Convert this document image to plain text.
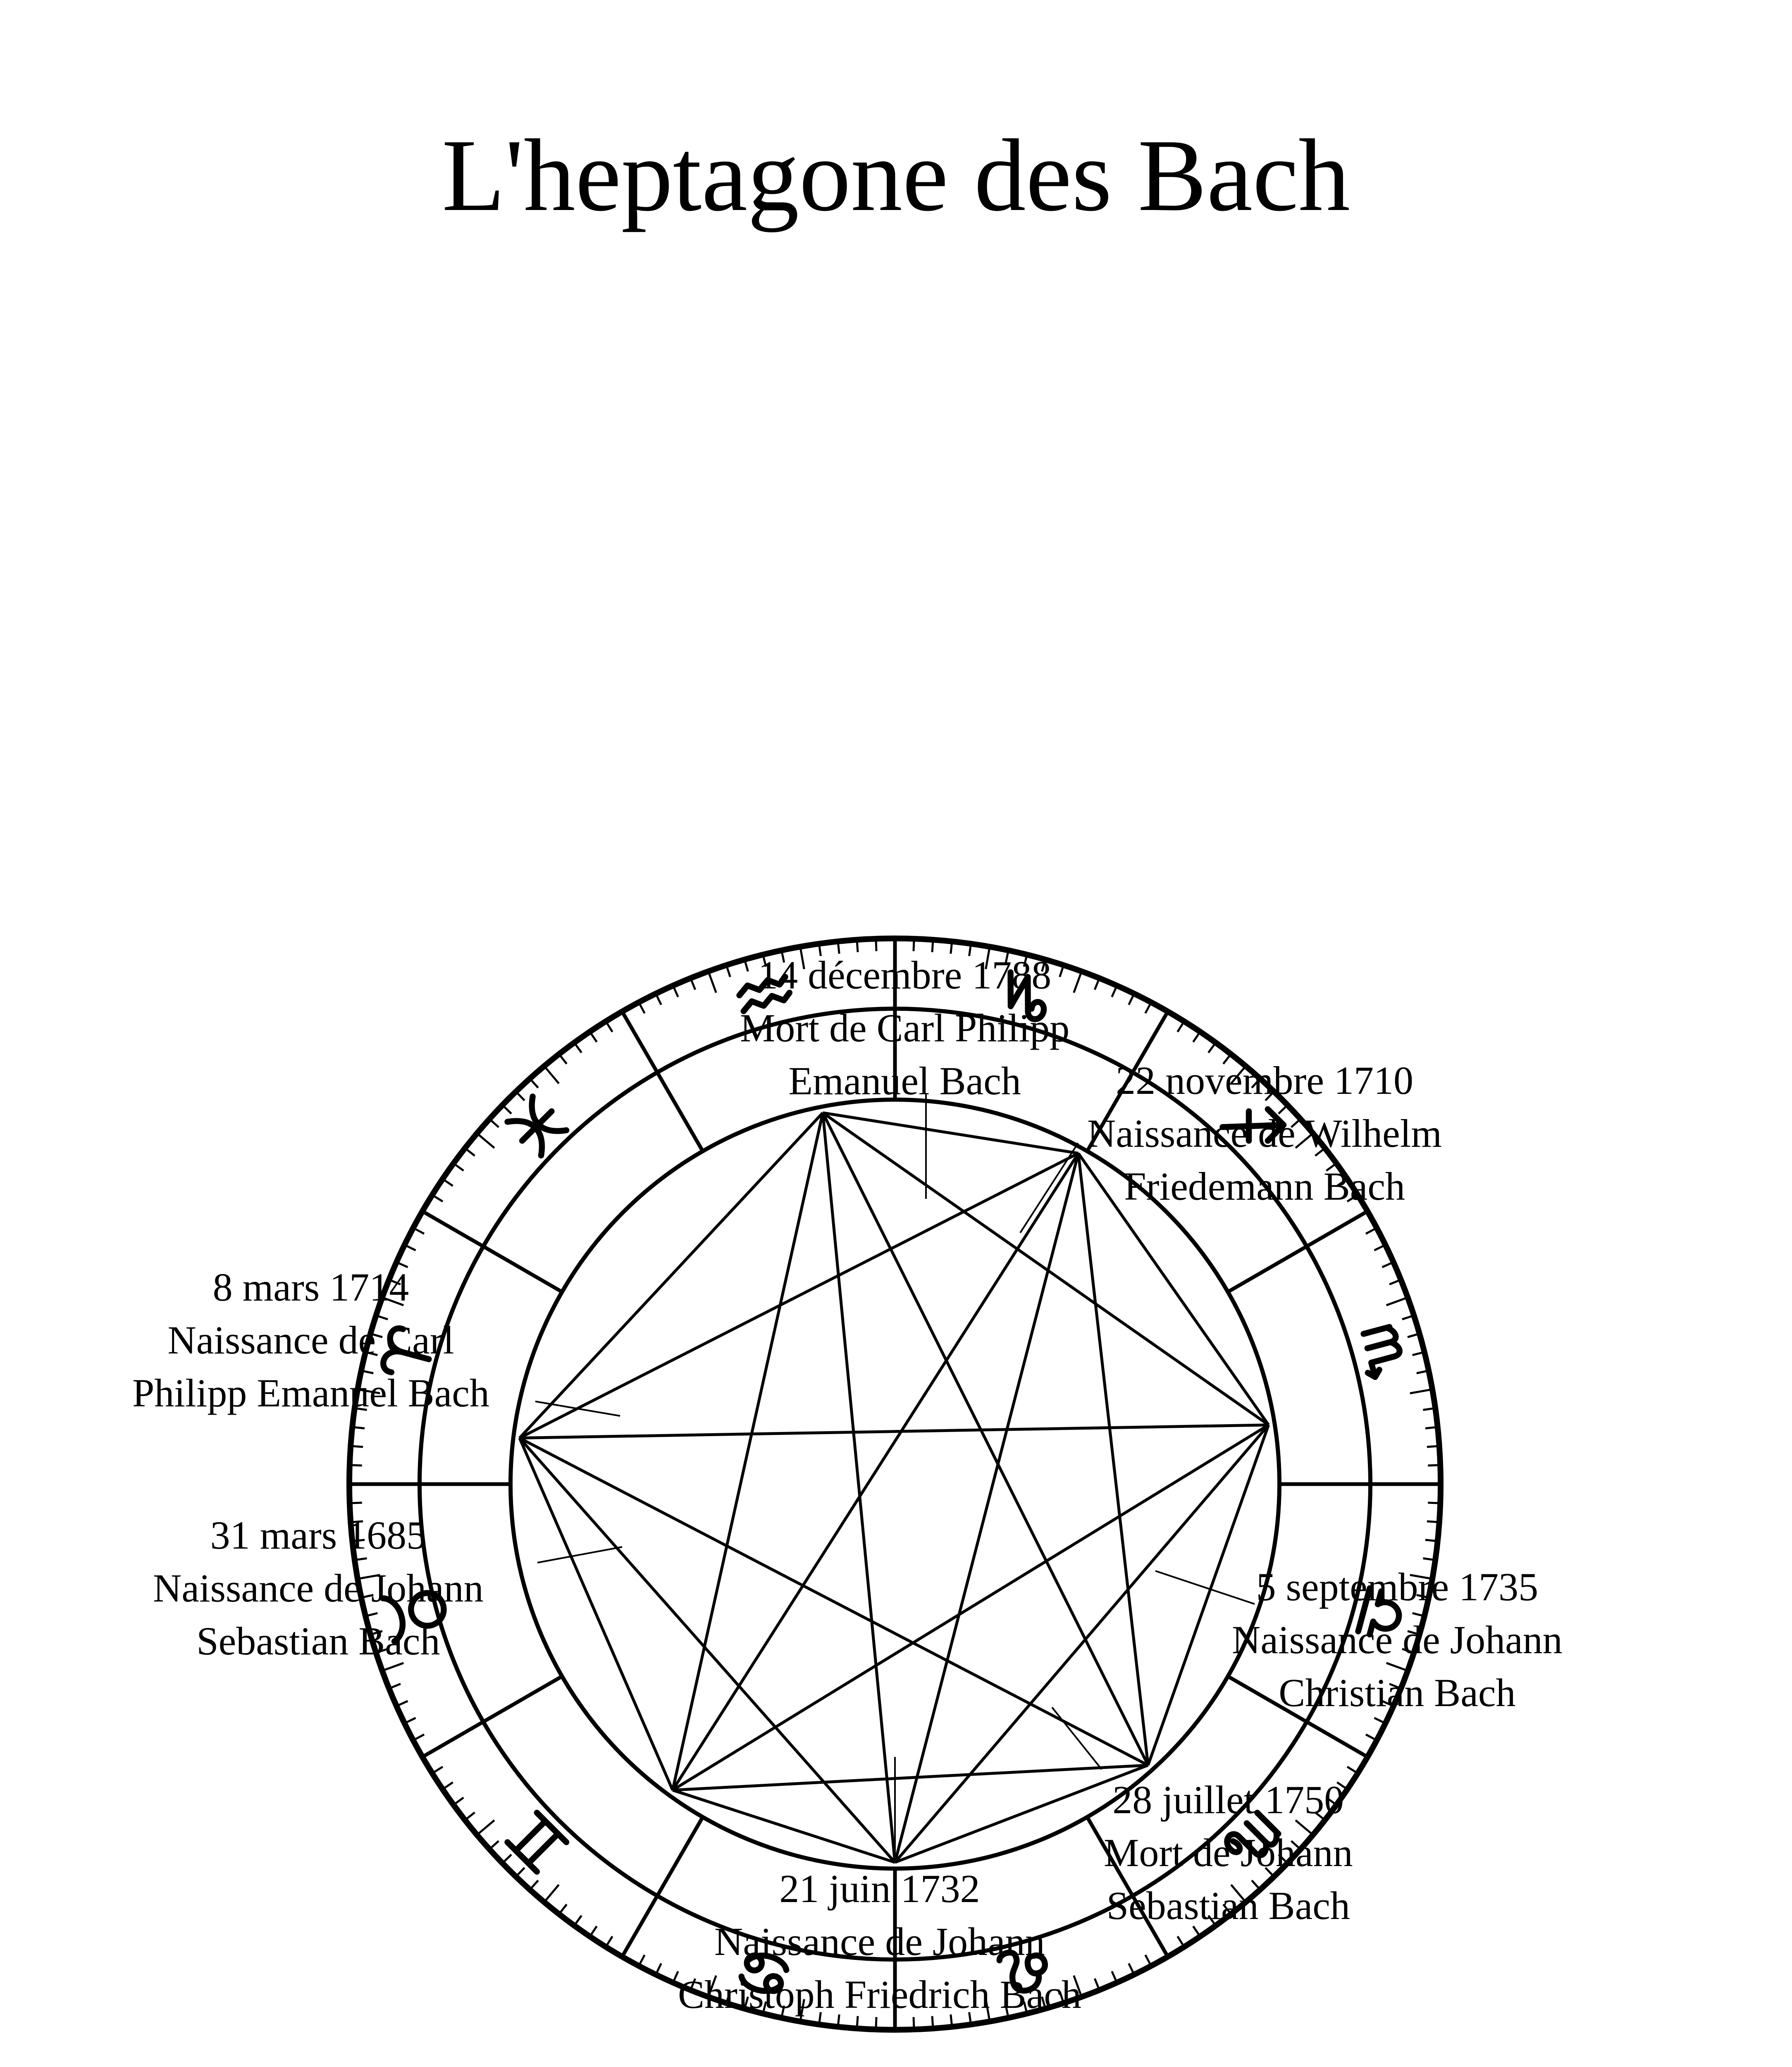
L'heptagone des Bach
14 décembre 1788
Mort de Carl Philipp
Emanuel Bach	22 novembre 1710
Naissance de Wilhelm
Friedemann Bach
8 mars 1714
Naissance de Carl
Philipp Emanuel Bach
31 mars 1685
Naissance de Johann
Sebastian Bach
5 septembre 1735
Naissance de Johann
Christian Bach
28 juillet 1750
Mort de Johann
Sebastian Bach
21 juin 1732
Naissance de Johann
Christoph Friedrich Bach
